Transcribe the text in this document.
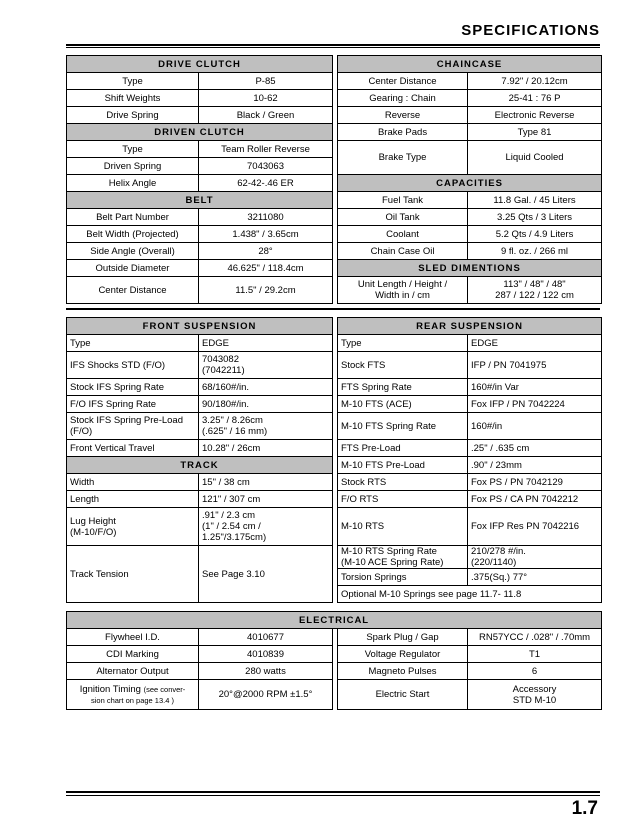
SPECIFICATIONS
DRIVE CLUTCH			CHAINCASE	
Type	P-85		Center Distance	7.92" / 20.12cm
Shift Weights	10-62		Gearing : Chain	25-41 : 76 P
Drive Spring	Black / Green		Reverse	Electronic Reverse
DRIVEN CLUTCH			Brake Pads	Type 81
Type	Team Roller Reverse		Brake Type	Liquid Cooled
Driven Spring	7043063			
Helix Angle	62-42-.46 ER		CAPACITIES	
BELT			Fuel Tank	11.8 Gal. / 45 Liters
Belt Part Number	3211080		Oil Tank	3.25 Qts / 3 Liters
Belt Width (Projected)	1.438" / 3.65cm		Coolant	5.2 Qts / 4.9 Liters
Side Angle (Overall)	28°		Chain Case Oil	9 fl. oz. / 266 ml
Outside Diameter	46.625" / 118.4cm		SLED DIMENTIONS	
Center Distance	11.5" / 29.2cm		Unit Length / Height /
Width in / cm	113" / 48" / 48"
287 / 122 / 122 cm
FRONT SUSPENSION			REAR SUSPENSION	
Type	EDGE		Type	EDGE
IFS Shocks STD (F/O)	7043082
(7042211)		Stock FTS	IFP / PN 7041975
Stock IFS Spring Rate	68/160#/in.		FTS Spring Rate	160#/in Var
F/O IFS Spring Rate	90/180#/in.		M-10 FTS (ACE)	Fox IFP / PN 7042224
Stock IFS Spring Pre-Load
(F/O)	3.25" / 8.26cm
(.625" / 16 mm)		M-10 FTS Spring Rate	160#/in
Front Vertical Travel	10.28" / 26cm		FTS Pre-Load	.25" / .635 cm
TRACK			M-10 FTS Pre-Load	.90" / 23mm
Width	15" / 38 cm		Stock RTS	Fox PS / PN 7042129
Length	121" / 307 cm		F/O RTS	Fox PS / CA PN 7042212
Lug Height
(M-10/F/O)	.91" / 2.3 cm
(1" / 2.54 cm /
1.25"/3.175cm)		M-10 RTS	Fox IFP Res PN 7042216
Track Tension	See Page 3.10		M-10 RTS Spring Rate
(M-10 ACE Spring Rate)	210/278 #/in.
(220/1140)
			Torsion Springs	.375(Sq.) 77°
			Optional M-10 Springs see page 11.7- 11.8	
ELECTRICAL				
Flywheel I.D.	4010677		Spark Plug / Gap	RN57YCC / .028" / .70mm
CDI Marking	4010839		Voltage Regulator	T1
Alternator Output	280 watts		Magneto Pulses	6
Ignition Timing (see conver-
sion chart on page 13.4 )	20°@2000 RPM ±1.5°		Electric Start	Accessory
STD M-10
1.7
